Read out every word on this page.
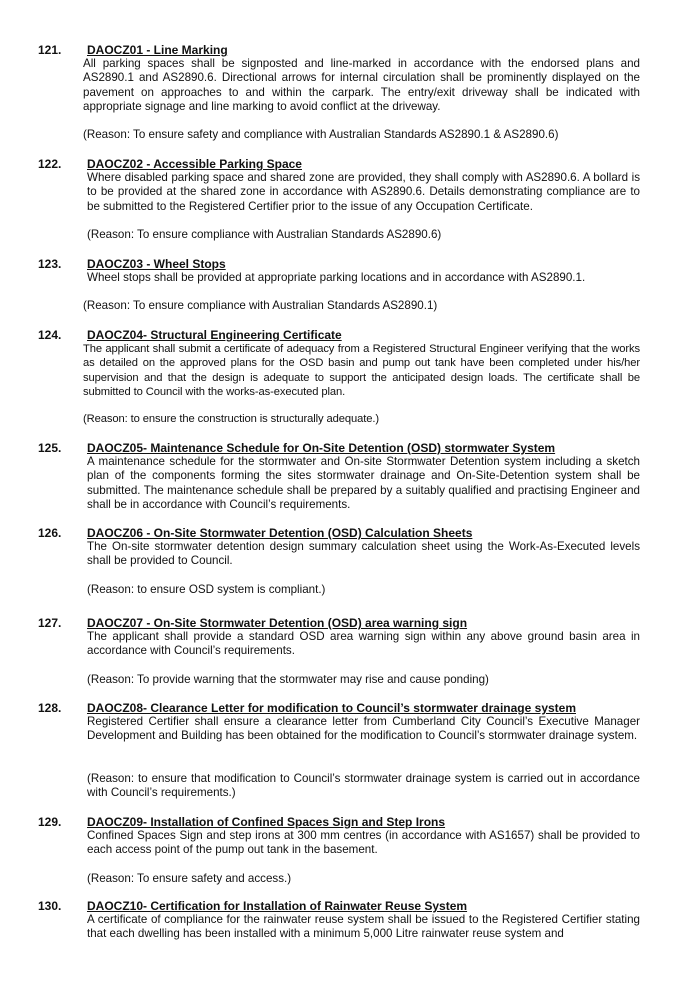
121. DAOCZ01 - Line Marking

All parking spaces shall be signposted and line-marked in accordance with the endorsed plans and AS2890.1 and AS2890.6. Directional arrows for internal circulation shall be prominently displayed on the pavement on approaches to and within the carpark. The entry/exit driveway shall be indicated with appropriate signage and line marking to avoid conflict at the driveway.

(Reason: To ensure safety and compliance with Australian Standards AS2890.1 & AS2890.6)

122. DAOCZ02 - Accessible Parking Space

Where disabled parking space and shared zone are provided, they shall comply with AS2890.6. A bollard is to be provided at the shared zone in accordance with AS2890.6. Details demonstrating compliance are to be submitted to the Registered Certifier prior to the issue of any Occupation Certificate.

(Reason: To ensure compliance with Australian Standards AS2890.6)

123. DAOCZ03 - Wheel Stops

Wheel stops shall be provided at appropriate parking locations and in accordance with AS2890.1.

(Reason: To ensure compliance with Australian Standards AS2890.1)

124. DAOCZ04- Structural Engineering Certificate

The applicant shall submit a certificate of adequacy from a Registered Structural Engineer verifying that the works as detailed on the approved plans for the OSD basin and pump out tank have been completed under his/her supervision and that the design is adequate to support the anticipated design loads. The certificate shall be submitted to Council with the works-as-executed plan.

(Reason: to ensure the construction is structurally adequate.)

125. DAOCZ05- Maintenance Schedule for On-Site Detention (OSD) stormwater System

A maintenance schedule for the stormwater and On-site Stormwater Detention system including a sketch plan of the components forming the sites stormwater drainage and On-Site-Detention system shall be submitted. The maintenance schedule shall be prepared by a suitably qualified and practising Engineer and shall be in accordance with Council’s requirements.

126. DAOCZ06 - On-Site Stormwater Detention (OSD) Calculation Sheets

The On-site stormwater detention design summary calculation sheet using the Work-As-Executed levels shall be provided to Council.

(Reason: to ensure OSD system is compliant.)

127. DAOCZ07 - On-Site Stormwater Detention (OSD) area warning sign

The applicant shall provide a standard OSD area warning sign within any above ground basin area in accordance with Council’s requirements.

(Reason: To provide warning that the stormwater may rise and cause ponding)

128. DAOCZ08- Clearance Letter for modification to Council’s stormwater drainage system

Registered Certifier shall ensure a clearance letter from Cumberland City Council’s Executive Manager Development and Building has been obtained for the modification to Council’s stormwater drainage system.

(Reason: to ensure that modification to Council’s stormwater drainage system is carried out in accordance with Council’s requirements.)

129. DAOCZ09- Installation of Confined Spaces Sign and Step Irons

Confined Spaces Sign and step irons at 300 mm centres (in accordance with AS1657) shall be provided to each access point of the pump out tank in the basement.

(Reason: To ensure safety and access.)

130. DAOCZ10- Certification for Installation of Rainwater Reuse System

A certificate of compliance for the rainwater reuse system shall be issued to the Registered Certifier stating that each dwelling has been installed with a minimum 5,000 Litre rainwater reuse system and
